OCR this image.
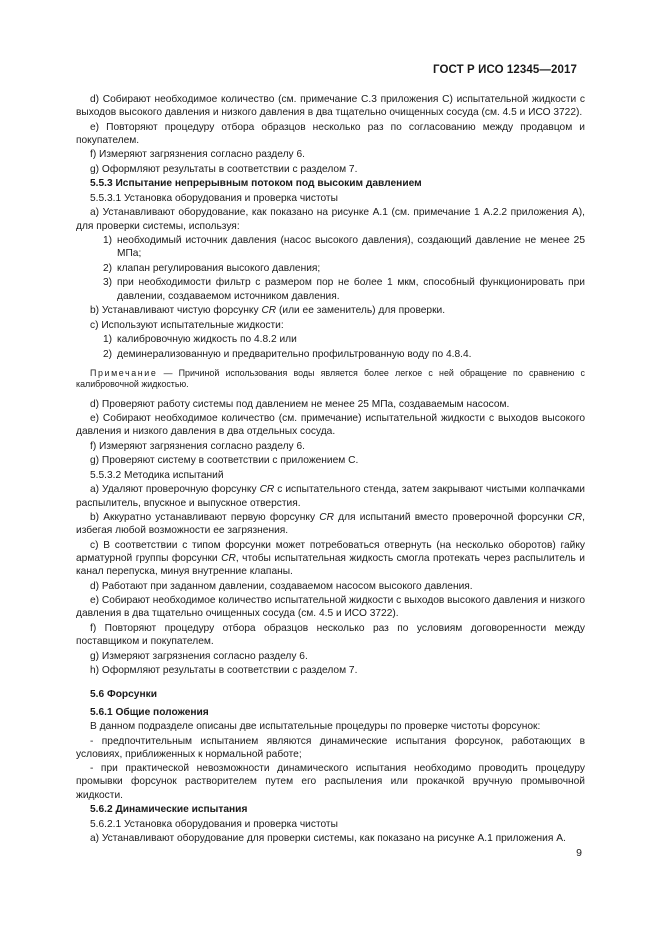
ГОСТ Р ИСО 12345—2017
d) Собирают необходимое количество (см. примечание С.3 приложения С) испытательной жидкости с выходов высокого давления и низкого давления в два тщательно очищенных сосуда (см. 4.5 и ИСО 3722).
е) Повторяют процедуру отбора образцов несколько раз по согласованию между продавцом и покупателем.
f) Измеряют загрязнения согласно разделу 6.
g) Оформляют результаты в соответствии с разделом 7.
5.5.3 Испытание непрерывным потоком под высоким давлением
5.5.3.1 Установка оборудования и проверка чистоты
а) Устанавливают оборудование, как показано на рисунке А.1 (см. примечание 1 А.2.2 приложения А), для проверки системы, используя:
1) необходимый источник давления (насос высокого давления), создающий давление не менее 25 МПа;
2) клапан регулирования высокого давления;
3) при необходимости фильтр с размером пор не более 1 мкм, способный функционировать при давлении, создаваемом источником давления.
b) Устанавливают чистую форсунку CR (или ее заменитель) для проверки.
с) Используют испытательные жидкости:
1) калибровочную жидкость по 4.8.2 или
2) деминерализованную и предварительно профильтрованную воду по 4.8.4.
Примечание — Причиной использования воды является более легкое с ней обращение по сравнению с калибровочной жидкостью.
d) Проверяют работу системы под давлением не менее 25 МПа, создаваемым насосом.
е) Собирают необходимое количество (см. примечание) испытательной жидкости с выходов высокого давления и низкого давления в два отдельных сосуда.
f) Измеряют загрязнения согласно разделу 6.
g) Проверяют систему в соответствии с приложением С.
5.5.3.2 Методика испытаний
а) Удаляют проверочную форсунку CR с испытательного стенда, затем закрывают чистыми колпачками распылитель, впускное и выпускное отверстия.
b) Аккуратно устанавливают первую форсунку CR для испытаний вместо проверочной форсунки CR, избегая любой возможности ее загрязнения.
с) В соответствии с типом форсунки может потребоваться отвернуть (на несколько оборотов) гайку арматурной группы форсунки CR, чтобы испытательная жидкость смогла протекать через распылитель и канал перепуска, минуя внутренние клапаны.
d) Работают при заданном давлении, создаваемом насосом высокого давления.
е) Собирают необходимое количество испытательной жидкости с выходов высокого давления и низкого давления в два тщательно очищенных сосуда (см. 4.5 и ИСО 3722).
f) Повторяют процедуру отбора образцов несколько раз по условиям договоренности между поставщиком и покупателем.
g) Измеряют загрязнения согласно разделу 6.
h) Оформляют результаты в соответствии с разделом 7.
5.6 Форсунки
5.6.1 Общие положения
В данном подразделе описаны две испытательные процедуры по проверке чистоты форсунок:
- предпочтительным испытанием являются динамические испытания форсунок, работающих в условиях, приближенных к нормальной работе;
- при практической невозможности динамического испытания необходимо проводить процедуру промывки форсунок растворителем путем его распыления или прокачкой вручную промывочной жидкости.
5.6.2 Динамические испытания
5.6.2.1 Установка оборудования и проверка чистоты
а) Устанавливают оборудование для проверки системы, как показано на рисунке А.1 приложения А.
9
